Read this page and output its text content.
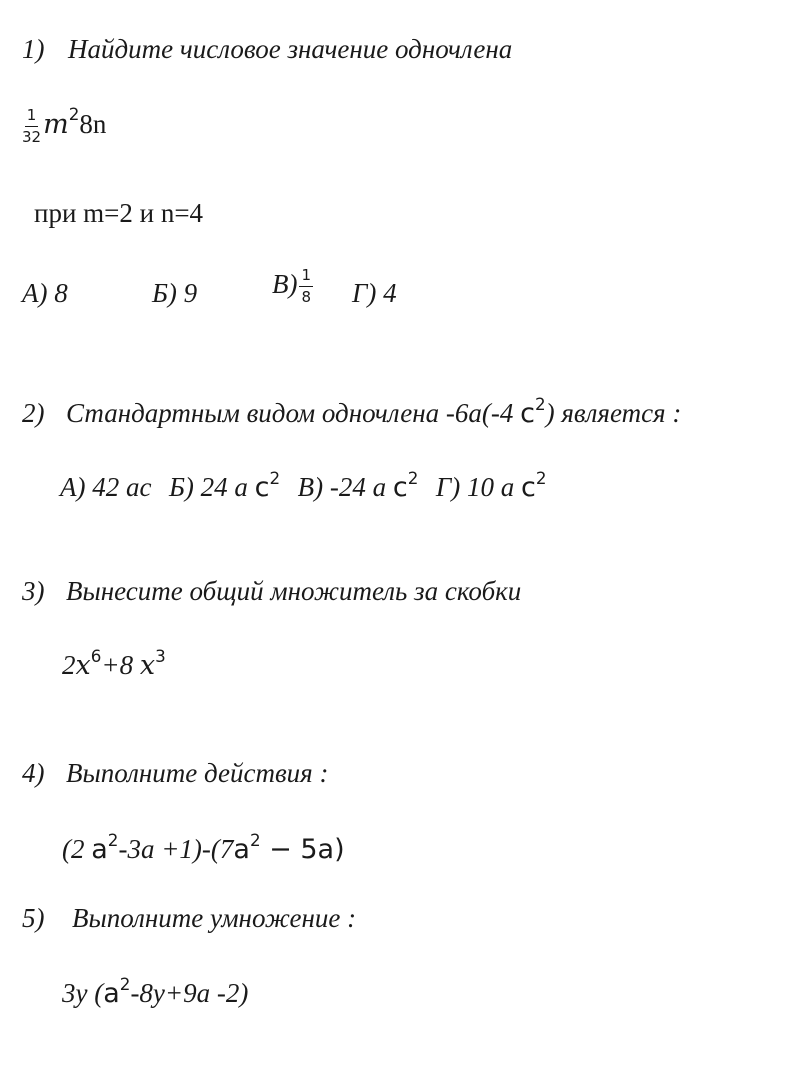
1) Найдите числовое значение одночлена
$\frac{1}{32} m^28n$
при m=2 и n=4
А) 8	Б) 9	$В) \frac{1}{8} Г$) 4
2) Стандартным видом одночлена -6a(-4 $c^2$) является :
А) 42 ac Б) 24 a $c^2$ В) -24 a $c^2$ Г) 10 a $c^2$
3) Вынесите общий множитель за скобки
$2x^6+8$ $x^3$
4) Выполните действия :
(2 $a^2-3a +1)-(7a^2 - 5a)$
5) Выполните умножение :
3y ($a^2-8y+9a$ -2)
